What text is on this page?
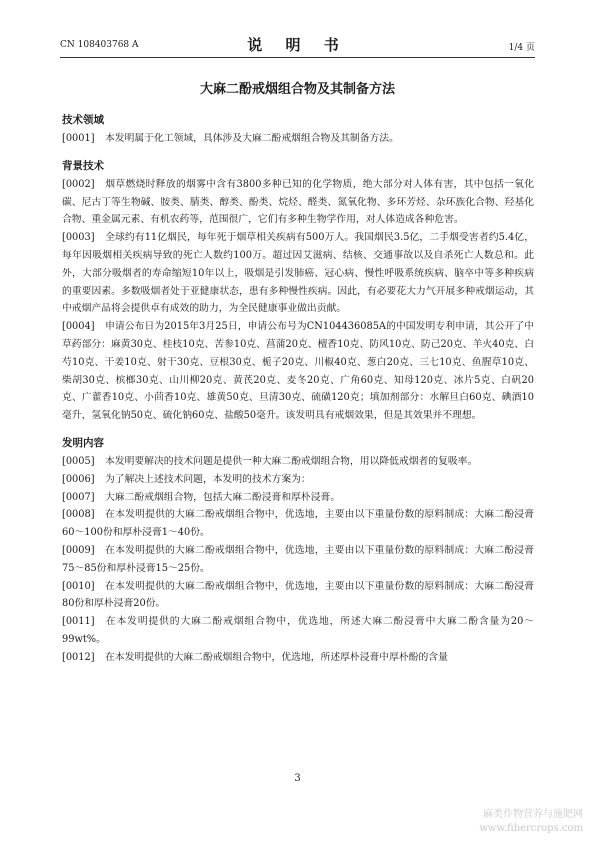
CN 108403768 A	说 明 书	1/4 页
大麻二酚戒烟组合物及其制备方法
技术领域

[0001] 本发明属于化工领域，具体涉及大麻二酚戒烟组合物及其制备方法。

背景技术

[0002] 烟草燃烧时释放的烟雾中含有3800多种已知的化学物质，绝大部分对人体有害，其中包括一氧化碳、尼古丁等生物碱、胺类、腈类、醇类、酚类、烷烃、醛类、氮氧化物、多环芳烃、杂环族化合物、羟基化合物、重金属元素、有机农药等，范围很广，它们有多种生物学作用，对人体造成各种危害。

[0003] 全球约有11亿烟民，每年死于烟草相关疾病有500万人。我国烟民3.5亿，二手烟受害者约5.4亿，每年因吸烟相关疾病导致的死亡人数约100万。超过因艾滋病、结核、交通事故以及自杀死亡人数总和。此外，大部分吸烟者的寿命缩短10年以上，吸烟是引发肺癌、冠心病、慢性呼吸系统疾病、脑卒中等多种疾病的重要因素。多数吸烟者处于亚健康状态，患有多种慢性疾病。因此，有必要花大力气开展多种戒烟运动，其中戒烟产品将会提供卓有成效的助力，为全民健康事业做出贡献。

[0004] 申请公布日为2015年3月25日，申请公布号为CN104436085A的中国发明专利申请，其公开了中草药部分：麻黄30克、桂枝10克、苦参10克、菖蒲20克、檀香10克、防风10克、防己20克、羊火40克、白芍10克、干姜10克、射干30克、豆根30克、栀子20克、川椒40克、葱白20克、三七10克、鱼腥草10克、柴胡30克、槟榔30克、山川柳20克、黄芪20克、麦冬20克、广角60克、知母120克、冰片5克、白矾20克、广藿香10克、小茴香10克、雄黄50克、旦清30克、硫磺120克；填加剂部分：水解旦白60克、碘酒10毫升，氢氧化钠50克、硫化钠60克、盐酸50毫升。该发明具有戒烟效果，但是其效果并不理想。

发明内容

[0005] 本发明要解决的技术问题是提供一种大麻二酚戒烟组合物，用以降低戒烟者的复吸率。

[0006] 为了解决上述技术问题，本发明的技术方案为：

[0007] 大麻二酚戒烟组合物，包括大麻二酚浸膏和厚朴浸膏。

[0008] 在本发明提供的大麻二酚戒烟组合物中，优选地，主要由以下重量份数的原料制成：大麻二酚浸膏60～100份和厚朴浸膏1～40份。

[0009] 在本发明提供的大麻二酚戒烟组合物中，优选地，主要由以下重量份数的原料制成：大麻二酚浸膏75～85份和厚朴浸膏15～25份。

[0010] 在本发明提供的大麻二酚戒烟组合物中，优选地，主要由以下重量份数的原料制成：大麻二酚浸膏80份和厚朴浸膏20份。

[0011] 在本发明提供的大麻二酚戒烟组合物中，优选地，所述大麻二酚浸膏中大麻二酚含量为20～99wt%。

[0012] 在本发明提供的大麻二酚戒烟组合物中，优选地，所述厚朴浸膏中厚朴酚的含量

3
麻类作物营养与施肥网
www.fibercrops.com
